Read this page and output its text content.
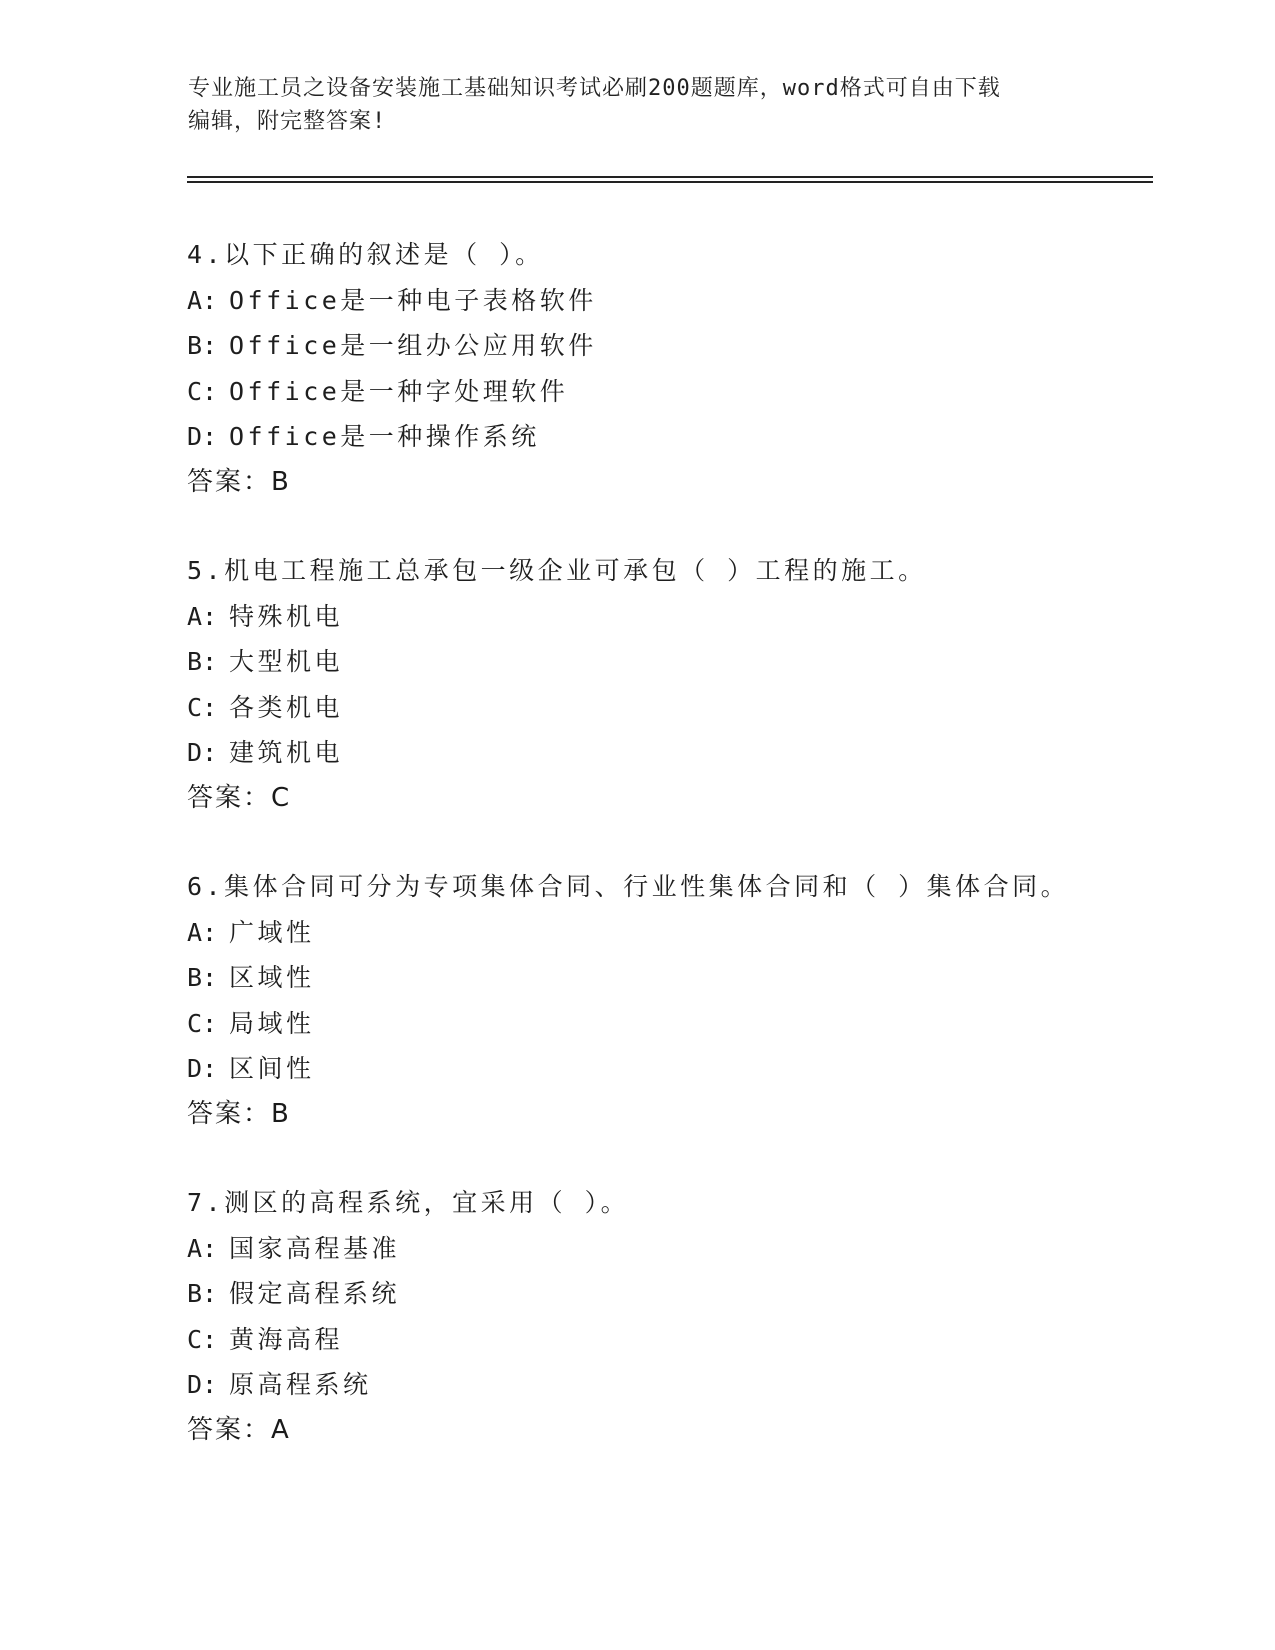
专业施工员之设备安装施工基础知识考试必刷200题题库，word格式可自由下载
编辑，附完整答案!
4.以下正确的叙述是（ ）。
A: Office是一种电子表格软件
B: Office是一组办公应用软件
C: Office是一种字处理软件
D: Office是一种操作系统
答案：B
5.机电工程施工总承包一级企业可承包（ ）工程的施工。
A: 特殊机电
B: 大型机电
C: 各类机电
D: 建筑机电
答案：C
6.集体合同可分为专项集体合同、行业性集体合同和（ ）集体合同。
A: 广域性
B: 区域性
C: 局域性
D: 区间性
答案：B
7.测区的高程系统，宜采用（ ）。
A: 国家高程基准
B: 假定高程系统
C: 黄海高程
D: 原高程系统
答案：A
